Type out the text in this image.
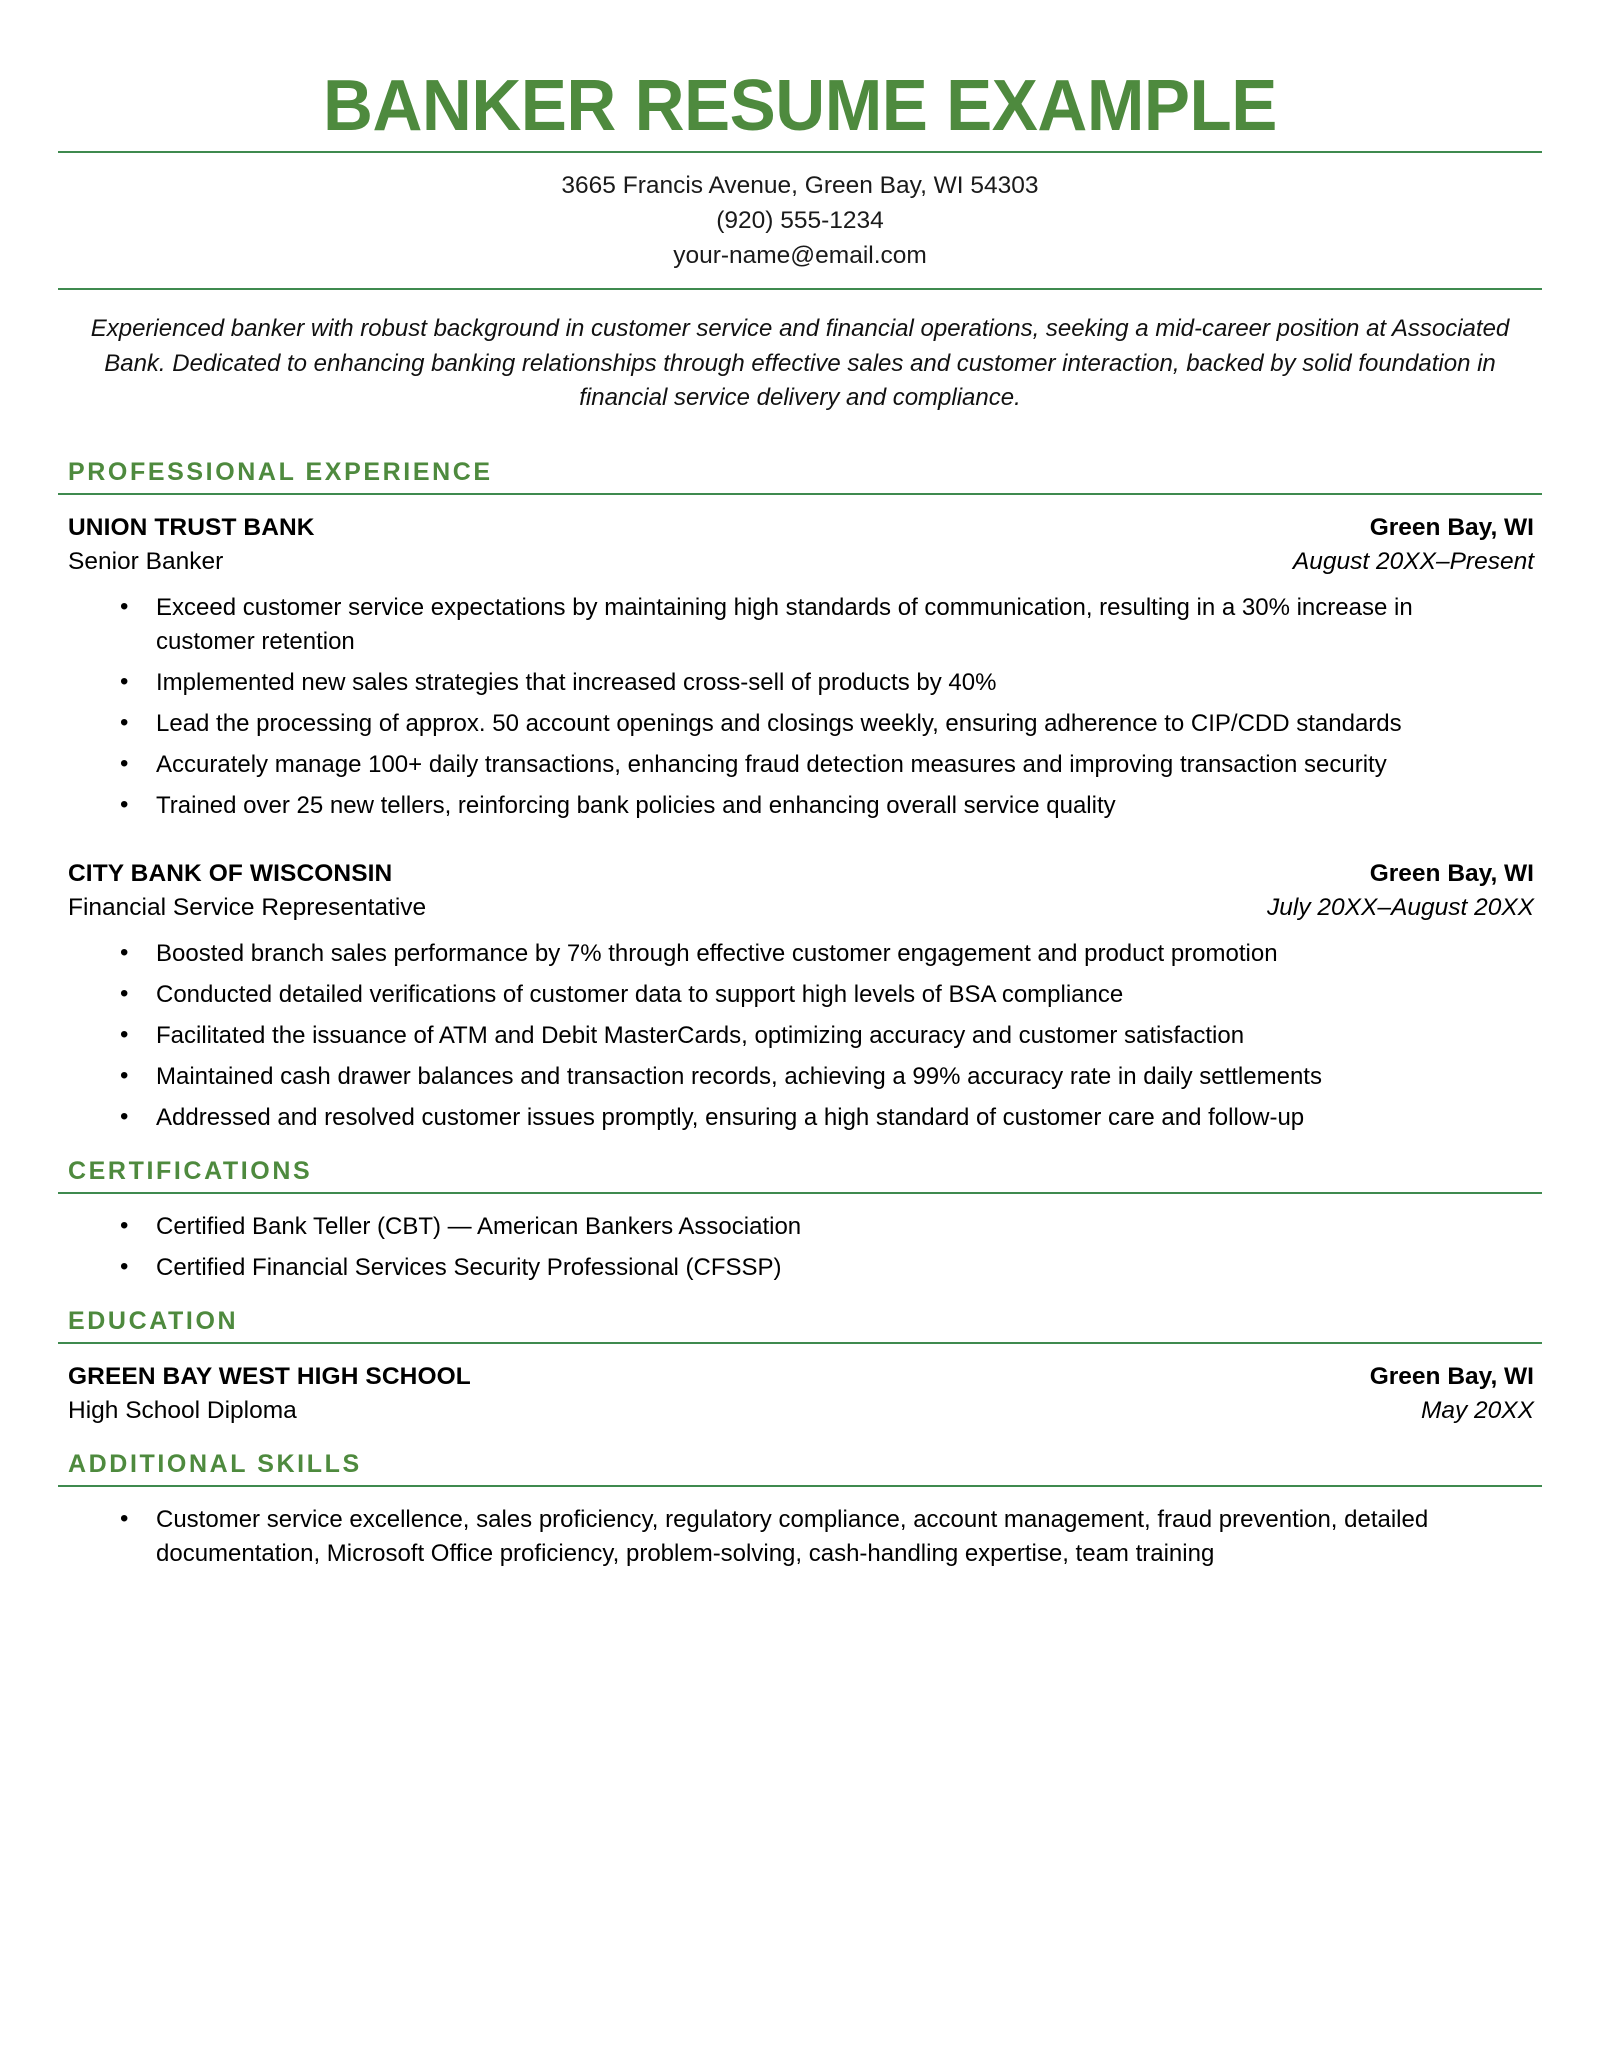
BANKER RESUME EXAMPLE
3665 Francis Avenue, Green Bay, WI 54303
(920) 555-1234
your-name@email.com
Experienced banker with robust background in customer service and financial operations, seeking a mid-career position at Associated Bank. Dedicated to enhancing banking relationships through effective sales and customer interaction, backed by solid foundation in financial service delivery and compliance.
PROFESSIONAL EXPERIENCE
UNION TRUST BANK	Green Bay, WI
Senior Banker	August 20XX–Present
• Exceed customer service expectations by maintaining high standards of communication, resulting in a 30% increase in customer retention
• Implemented new sales strategies that increased cross-sell of products by 40%
• Lead the processing of approx. 50 account openings and closings weekly, ensuring adherence to CIP/CDD standards
• Accurately manage 100+ daily transactions, enhancing fraud detection measures and improving transaction security
• Trained over 25 new tellers, reinforcing bank policies and enhancing overall service quality
CITY BANK OF WISCONSIN	Green Bay, WI
Financial Service Representative	July 20XX–August 20XX
• Boosted branch sales performance by 7% through effective customer engagement and product promotion
• Conducted detailed verifications of customer data to support high levels of BSA compliance
• Facilitated the issuance of ATM and Debit MasterCards, optimizing accuracy and customer satisfaction
• Maintained cash drawer balances and transaction records, achieving a 99% accuracy rate in daily settlements
• Addressed and resolved customer issues promptly, ensuring a high standard of customer care and follow-up
CERTIFICATIONS
• Certified Bank Teller (CBT) — American Bankers Association
• Certified Financial Services Security Professional (CFSSP)
EDUCATION
GREEN BAY WEST HIGH SCHOOL	Green Bay, WI
High School Diploma	May 20XX
ADDITIONAL SKILLS
• Customer service excellence, sales proficiency, regulatory compliance, account management, fraud prevention, detailed documentation, Microsoft Office proficiency, problem-solving, cash-handling expertise, team training
